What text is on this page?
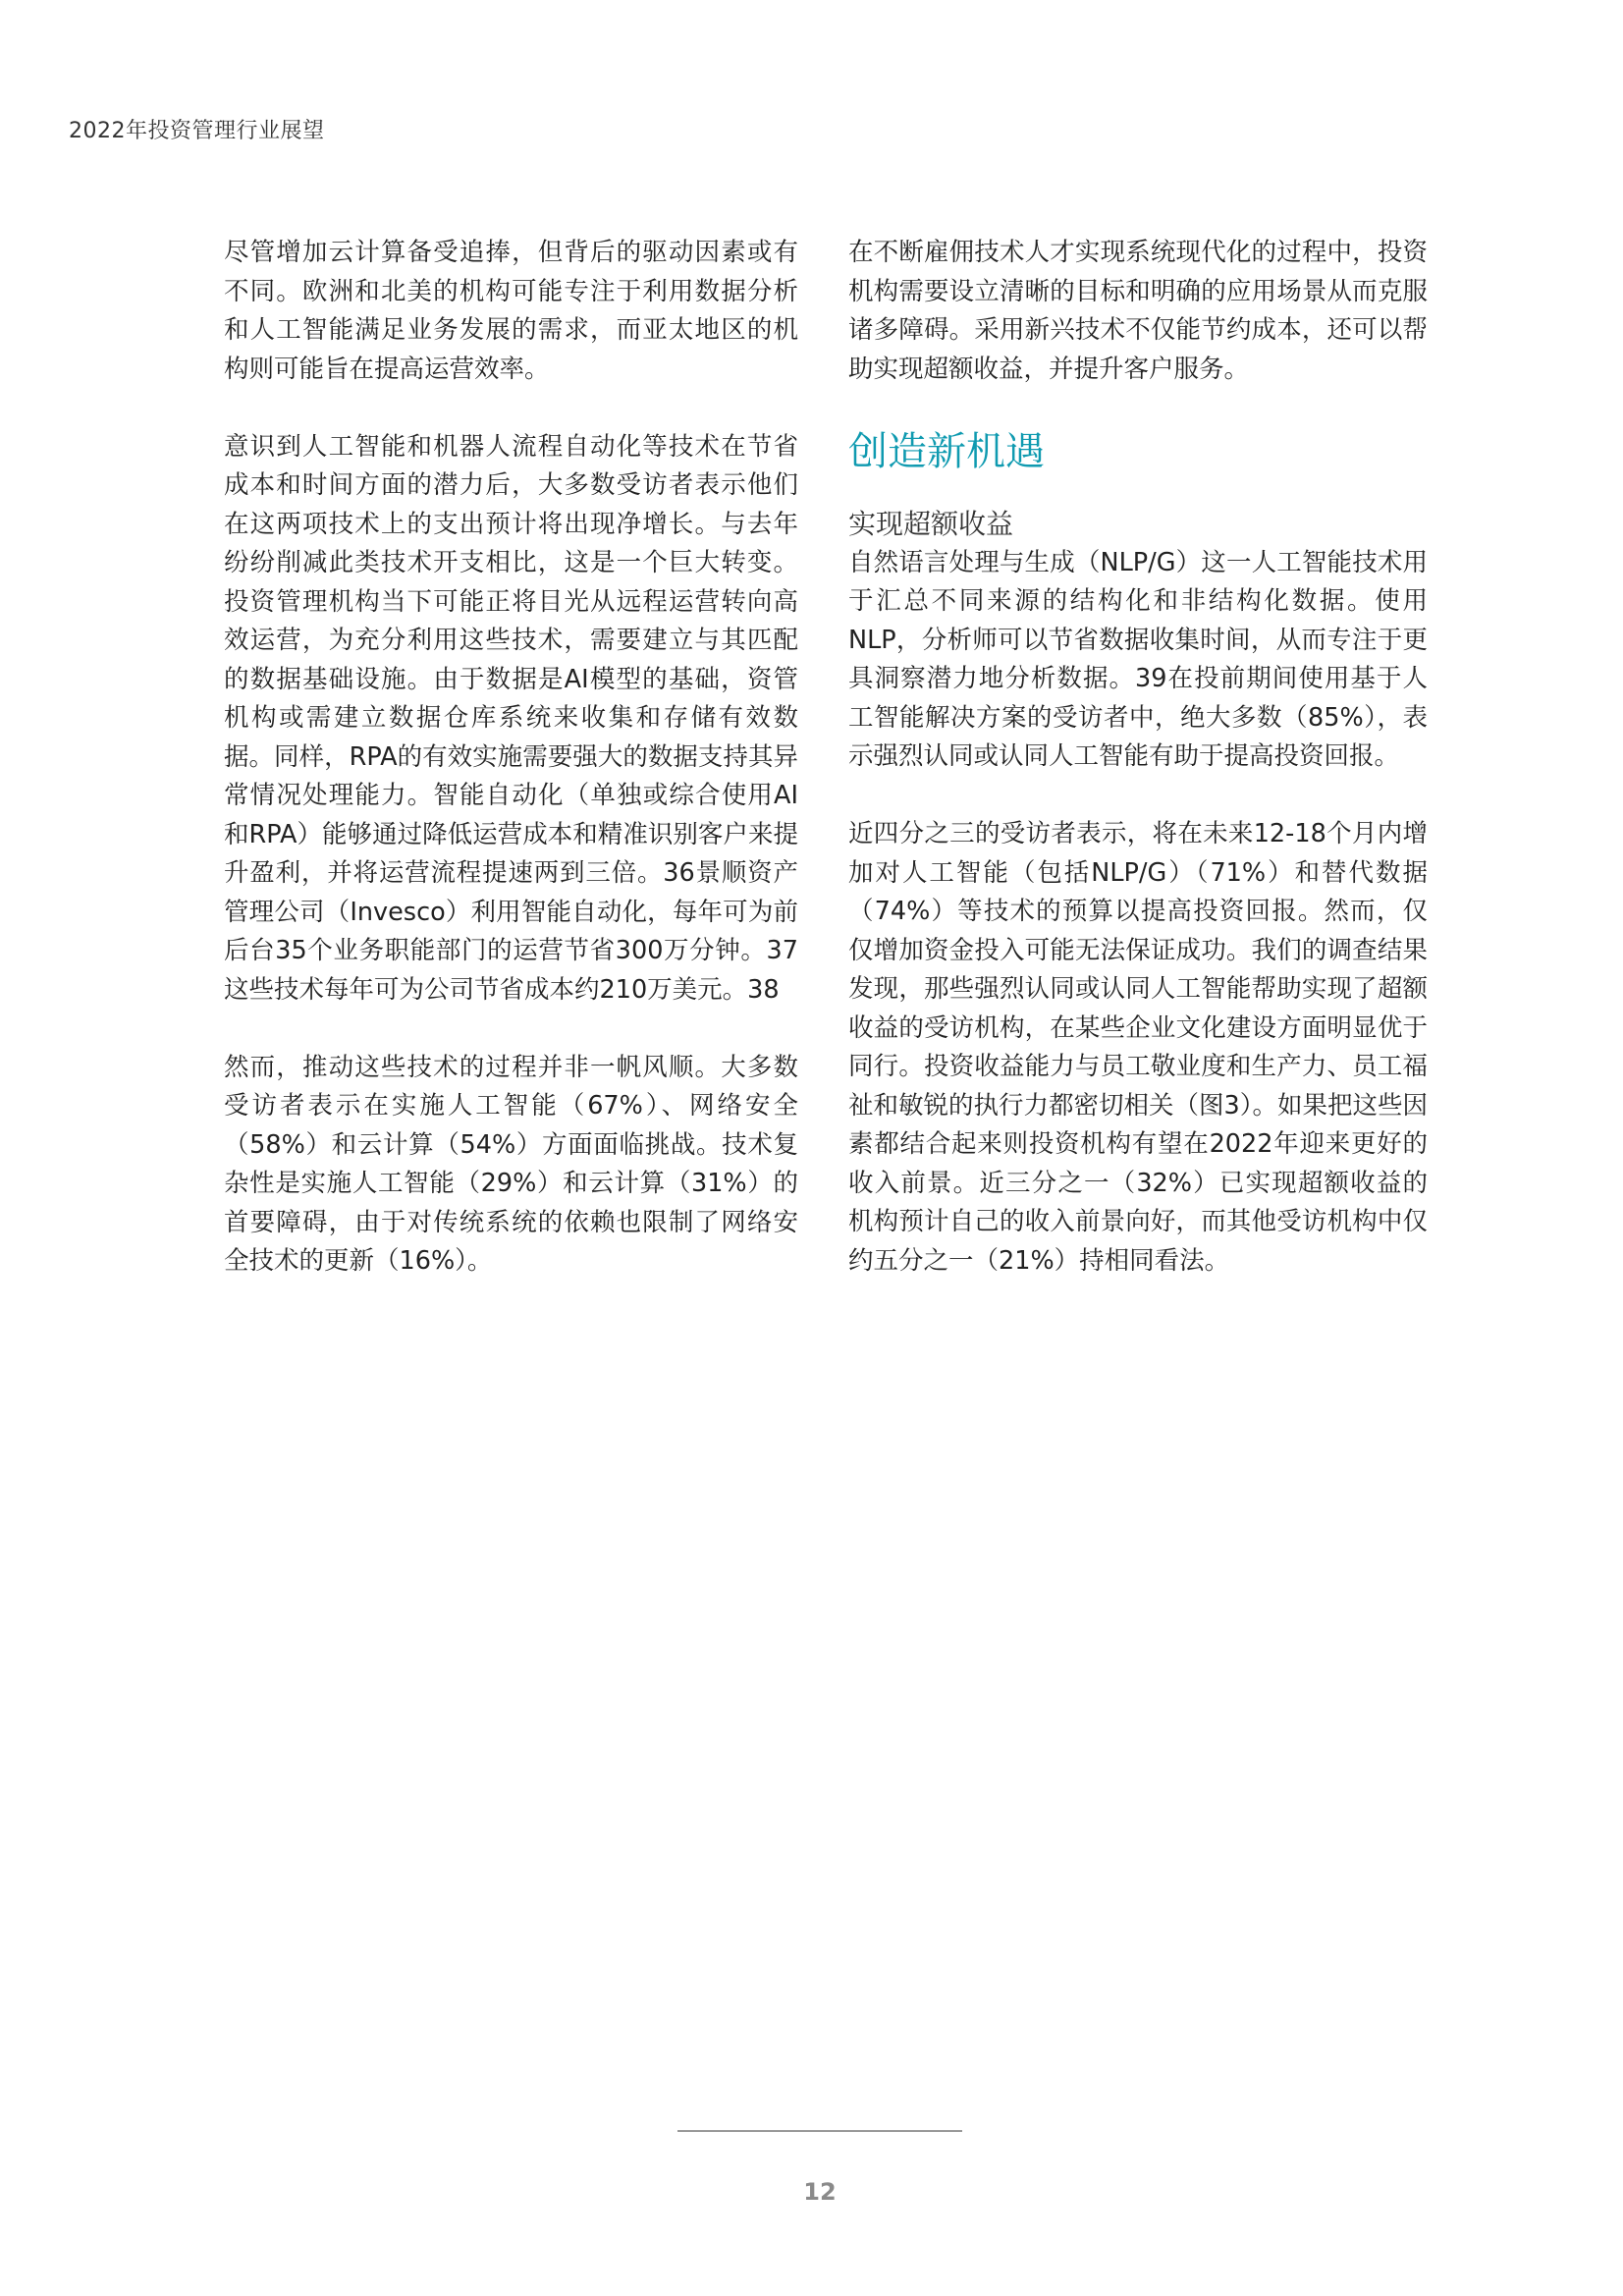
2022年投资管理行业展望

尽管增加云计算备受追捧，但背后的驱动因素或有不同。欧洲和北美的机构可能专注于利用数据分析和人工智能满足业务发展的需求，而亚太地区的机构则可能旨在提高运营效率。

意识到人工智能和机器人流程自动化等技术在节省成本和时间方面的潜力后，大多数受访者表示他们在这两项技术上的支出预计将出现净增长。与去年纷纷削减此类技术开支相比，这是一个巨大转变。投资管理机构当下可能正将目光从远程运营转向高效运营，为充分利用这些技术，需要建立与其匹配的数据基础设施。由于数据是AI模型的基础，资管机构或需建立数据仓库系统来收集和存储有效数据。同样，RPA的有效实施需要强大的数据支持其异常情况处理能力。智能自动化（单独或综合使用AI和RPA）能够通过降低运营成本和精准识别客户来提升盈利，并将运营流程提速两到三倍。36景顺资产管理公司（Invesco）利用智能自动化，每年可为前后台35个业务职能部门的运营节省300万分钟。37这些技术每年可为公司节省成本约210万美元。38

然而，推动这些技术的过程并非一帆风顺。大多数受访者表示在实施人工智能（67%）、网络安全（58%）和云计算（54%）方面面临挑战。技术复杂性是实施人工智能（29%）和云计算（31%）的首要障碍，由于对传统系统的依赖也限制了网络安全技术的更新（16%）。

在不断雇佣技术人才实现系统现代化的过程中，投资机构需要设立清晰的目标和明确的应用场景从而克服诸多障碍。采用新兴技术不仅能节约成本，还可以帮助实现超额收益，并提升客户服务。

创造新机遇
实现超额收益

自然语言处理与生成（NLP/G）这一人工智能技术用于汇总不同来源的结构化和非结构化数据。使用NLP，分析师可以节省数据收集时间，从而专注于更具洞察潜力地分析数据。39在投前期间使用基于人工智能解决方案的受访者中，绝大多数（85%），表示强烈认同或认同人工智能有助于提高投资回报。

近四分之三的受访者表示，将在未来12-18个月内增加对人工智能（包括NLP/G）（71%）和替代数据（74%）等技术的预算以提高投资回报。然而，仅仅增加资金投入可能无法保证成功。我们的调查结果发现，那些强烈认同或认同人工智能帮助实现了超额收益的受访机构，在某些企业文化建设方面明显优于同行。投资收益能力与员工敬业度和生产力、员工福祉和敏锐的执行力都密切相关（图3）。如果把这些因素都结合起来则投资机构有望在2022年迎来更好的收入前景。近三分之一（32%）已实现超额收益的机构预计自己的收入前景向好，而其他受访机构中仅约五分之一（21%）持相同看法。

12
